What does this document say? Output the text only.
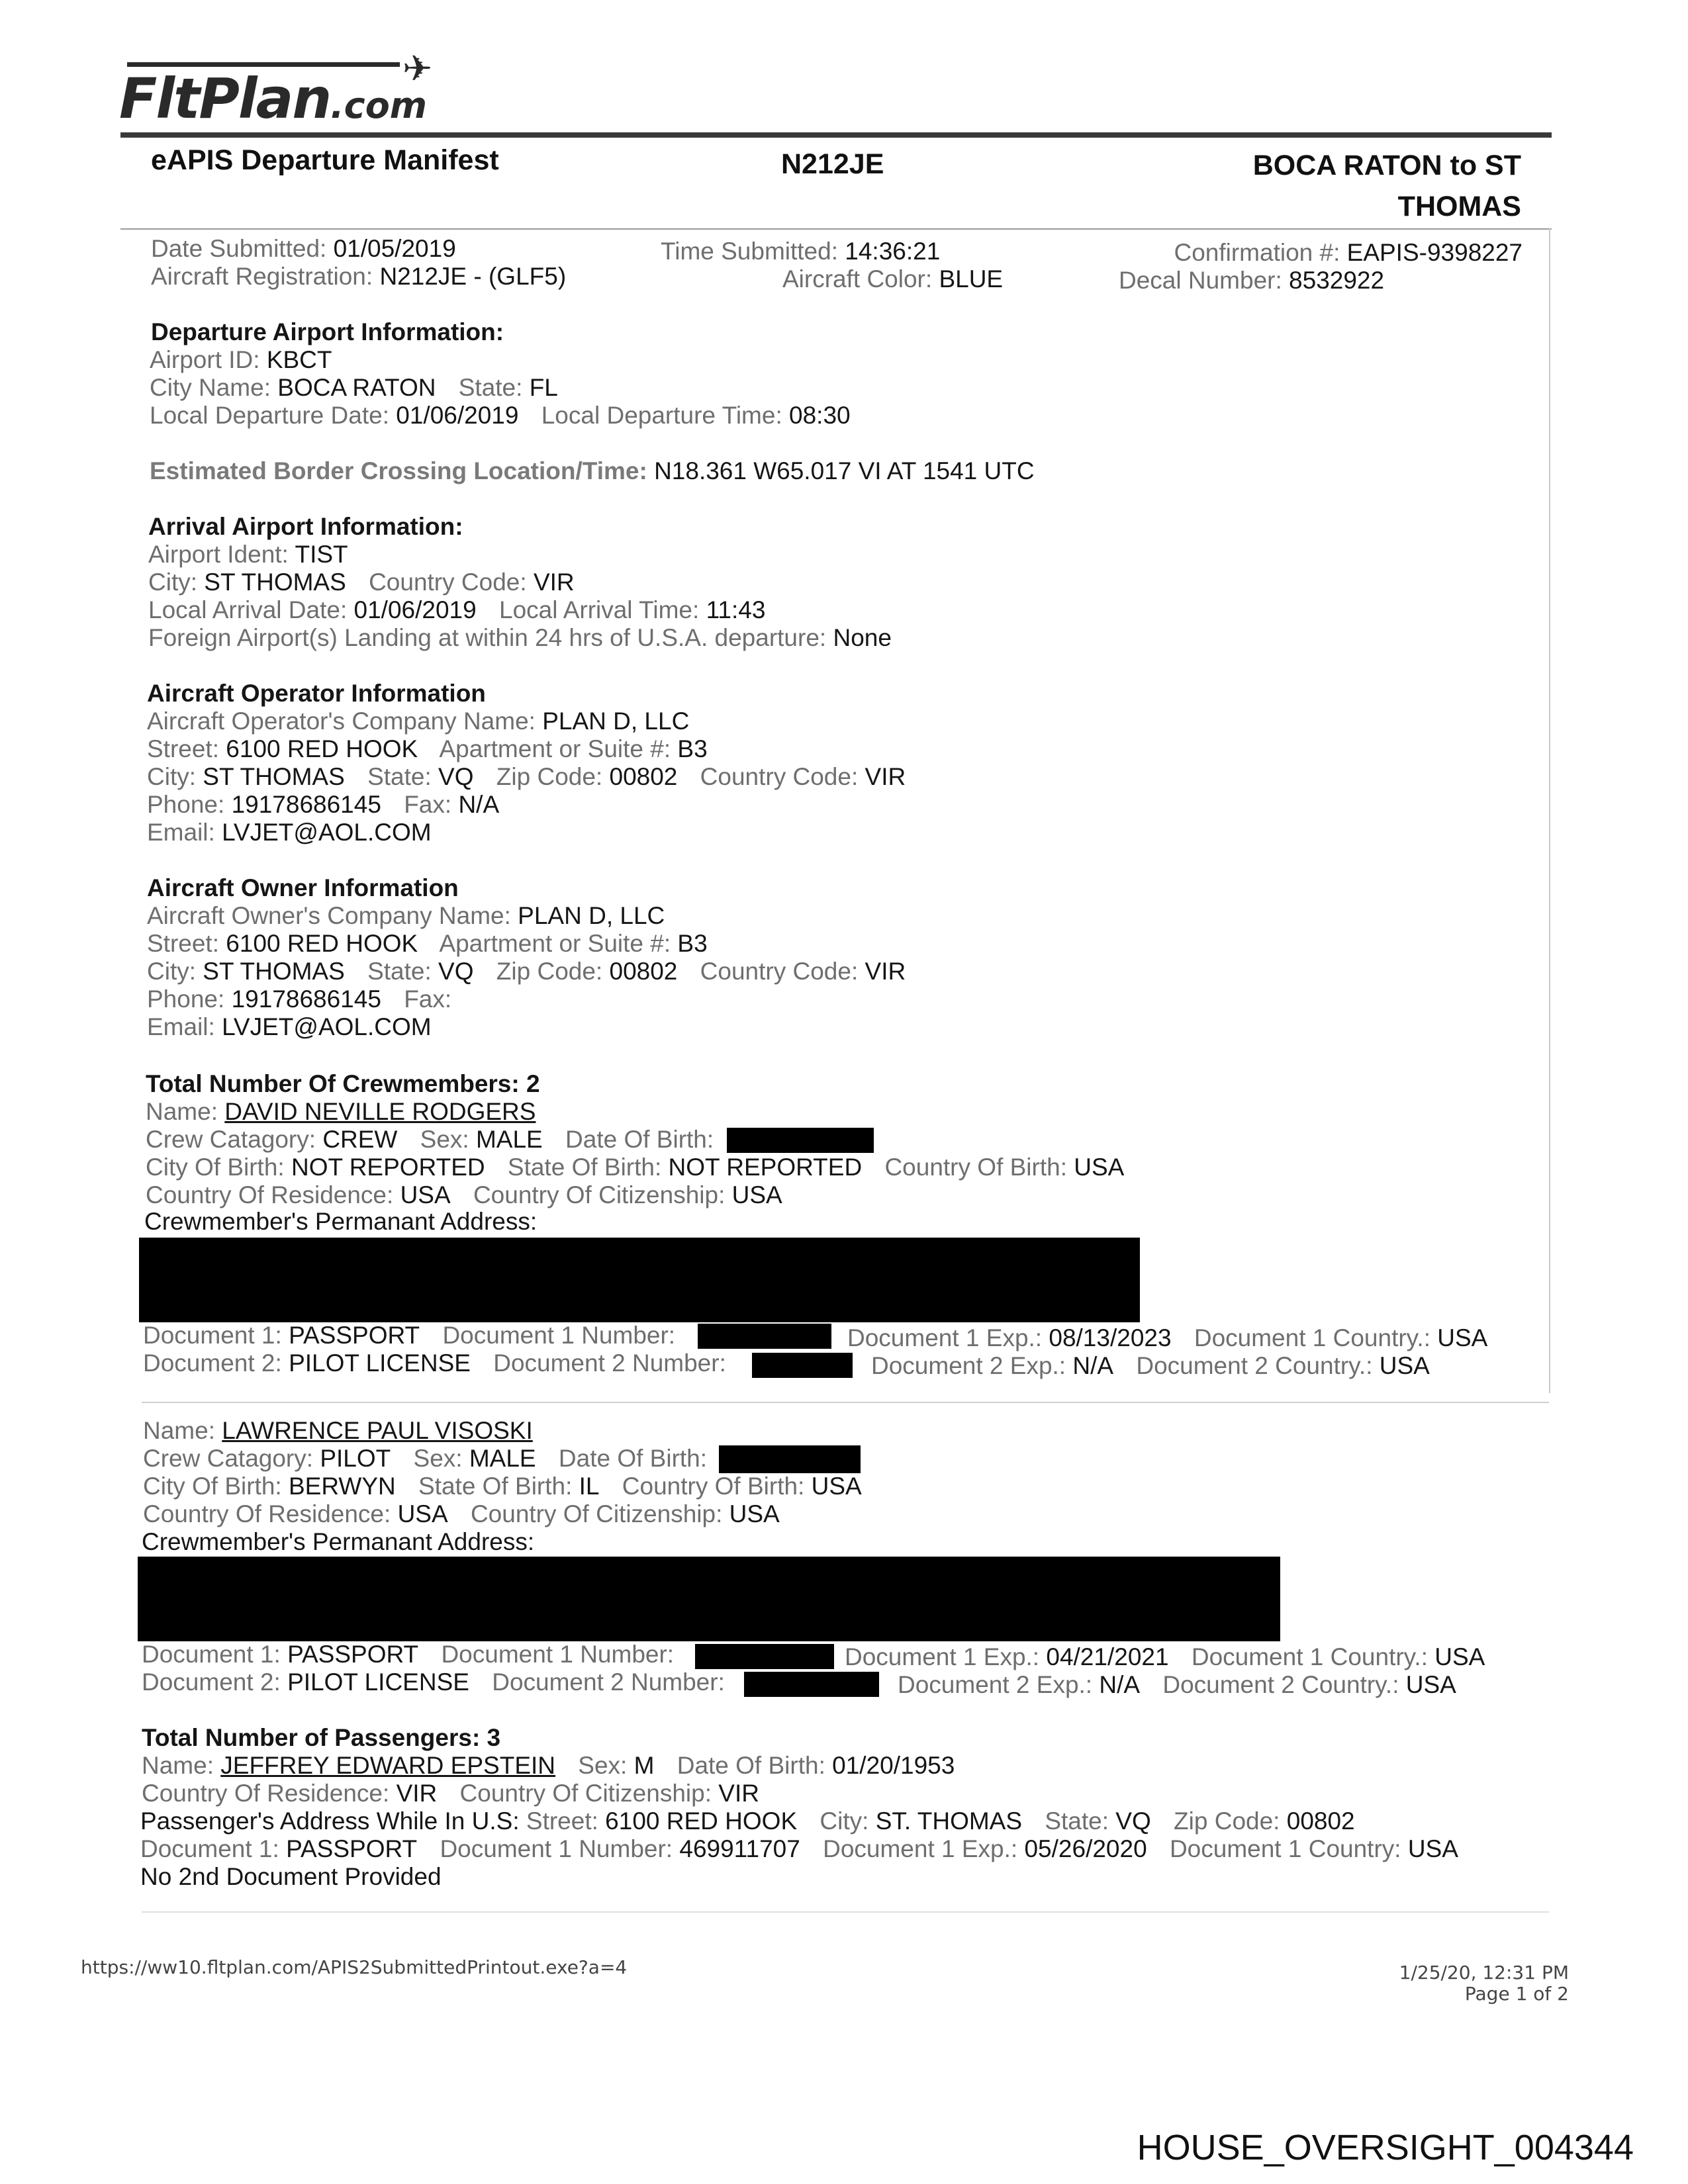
✈
FltPlan.com
eAPIS Departure Manifest	N212JE	BOCA RATON to ST
THOMAS
Date Submitted: 01/05/2019	Time Submitted: 14:36:21	Confirmation #: EAPIS-9398227
Aircraft Registration: N212JE - (GLF5)	Aircraft Color: BLUE	Decal Number: 8532922
Departure Airport Information:
Airport ID: KBCT
City Name: BOCA RATON State: FL
Local Departure Date: 01/06/2019 Local Departure Time: 08:30
Estimated Border Crossing Location/Time: N18.361 W65.017 VI AT 1541 UTC
Arrival Airport Information:
Airport Ident: TIST
City: ST THOMAS Country Code: VIR
Local Arrival Date: 01/06/2019 Local Arrival Time: 11:43
Foreign Airport(s) Landing at within 24 hrs of U.S.A. departure: None
Aircraft Operator Information
Aircraft Operator's Company Name: PLAN D, LLC
Street: 6100 RED HOOK Apartment or Suite #: B3
City: ST THOMAS State: VQ Zip Code: 00802 Country Code: VIR
Phone: 19178686145 Fax: N/A
Email: LVJET@AOL.COM
Aircraft Owner Information
Aircraft Owner's Company Name: PLAN D, LLC
Street: 6100 RED HOOK Apartment or Suite #: B3
City: ST THOMAS State: VQ Zip Code: 00802 Country Code: VIR
Phone: 19178686145 Fax:
Email: LVJET@AOL.COM
Total Number Of Crewmembers: 2
Name: DAVID NEVILLE RODGERS
Crew Catagory: CREW Sex: MALE Date Of Birth:
City Of Birth: NOT REPORTED State Of Birth: NOT REPORTED Country Of Birth: USA
Country Of Residence: USA Country Of Citizenship: USA
Crewmember's Permanant Address:
Document 1: PASSPORT Document 1 Number:	Document 1 Exp.: 08/13/2023 Document 1 Country.: USA
Document 2: PILOT LICENSE Document 2 Number:	Document 2 Exp.: N/A Document 2 Country.: USA
Name: LAWRENCE PAUL VISOSKI
Crew Catagory: PILOT Sex: MALE Date Of Birth:
City Of Birth: BERWYN State Of Birth: IL Country Of Birth: USA
Country Of Residence: USA Country Of Citizenship: USA
Crewmember's Permanant Address:
Document 1: PASSPORT Document 1 Number:	Document 1 Exp.: 04/21/2021 Document 1 Country.: USA
Document 2: PILOT LICENSE Document 2 Number:	Document 2 Exp.: N/A Document 2 Country.: USA
Total Number of Passengers: 3
Name: JEFFREY EDWARD EPSTEIN Sex: M Date Of Birth: 01/20/1953
Country Of Residence: VIR Country Of Citizenship: VIR
Passenger's Address While In U.S: Street: 6100 RED HOOK City: ST. THOMAS State: VQ Zip Code: 00802
Document 1: PASSPORT Document 1 Number: 469911707 Document 1 Exp.: 05/26/2020 Document 1 Country: USA
No 2nd Document Provided
https://ww10.fltplan.com/APIS2SubmittedPrintout.exe?a=4	1/25/20, 12:31 PM
Page 1 of 2
HOUSE_OVERSIGHT_004344
